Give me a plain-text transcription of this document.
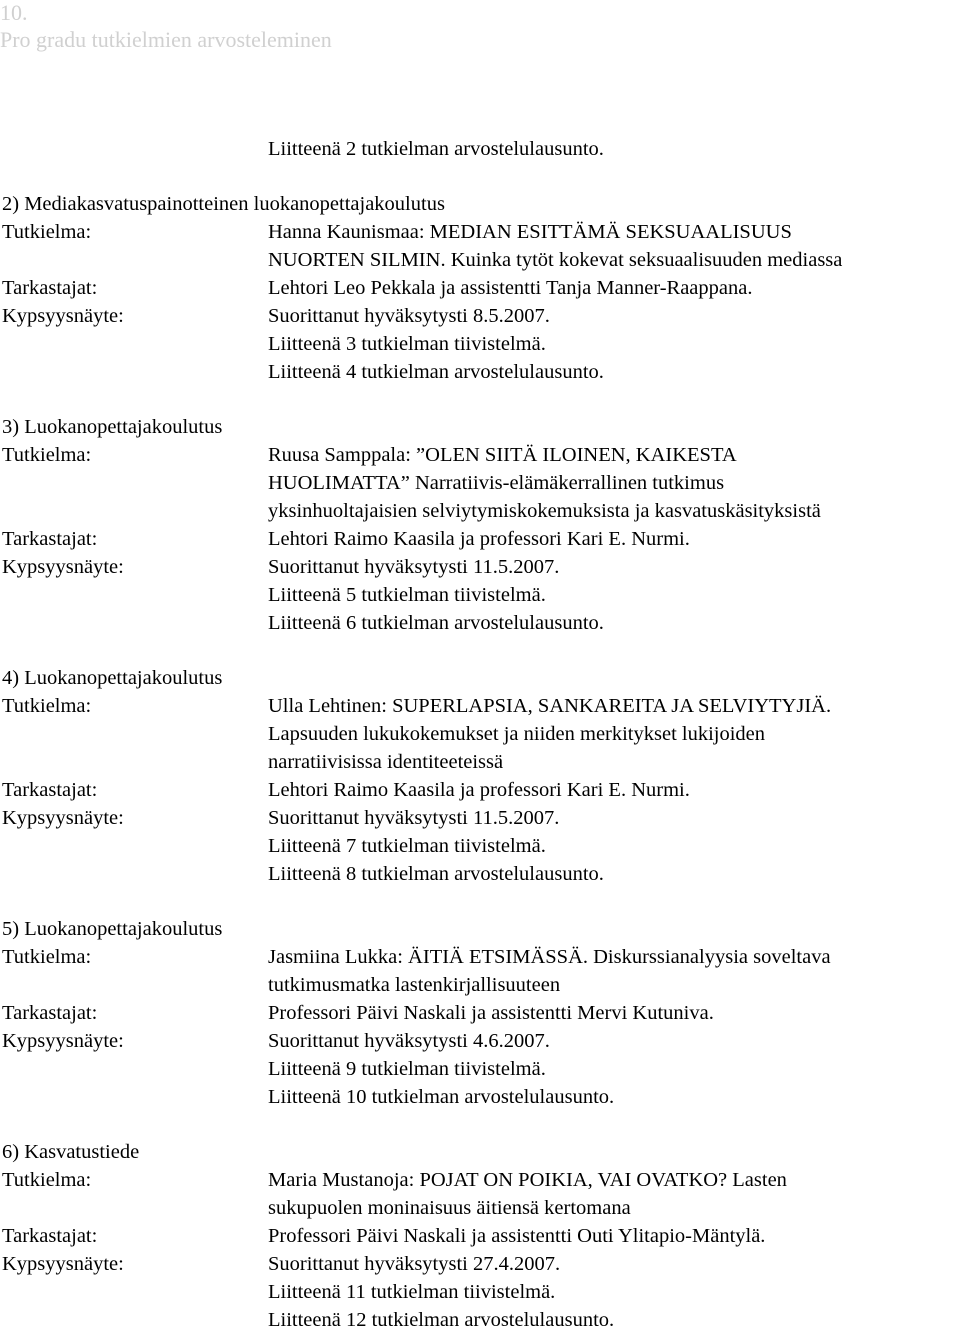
10.
Pro gradu tutkielmien arvosteleminen
Liitteenä 2 tutkielman arvostelulausunto.
2) Mediakasvatuspainotteinen luokanopettajakoulutus
Tutkielma:	Hanna Kaunismaa: MEDIAN ESITTÄMÄ SEKSUAALISUUS
NUORTEN SILMIN. Kuinka tytöt kokevat seksuaalisuuden mediassa
Tarkastajat:	Lehtori Leo Pekkala ja assistentti Tanja Manner-Raappana.
Kypsyysnäyte:	Suorittanut hyväksytysti 8.5.2007.
Liitteenä 3 tutkielman tiivistelmä.
Liitteenä 4 tutkielman arvostelulausunto.
3) Luokanopettajakoulutus
Tutkielma:	Ruusa Samppala: ”OLEN SIITÄ ILOINEN, KAIKESTA
HUOLIMATTA” Narratiivis-elämäkerrallinen tutkimus
yksinhuoltajaisien selviytymiskokemuksista ja kasvatuskäsityksistä
Tarkastajat:	Lehtori Raimo Kaasila ja professori Kari E. Nurmi.
Kypsyysnäyte:	Suorittanut hyväksytysti 11.5.2007.
Liitteenä 5 tutkielman tiivistelmä.
Liitteenä 6 tutkielman arvostelulausunto.
4) Luokanopettajakoulutus
Tutkielma:	Ulla Lehtinen: SUPERLAPSIA, SANKAREITA JA SELVIYTYJIÄ.
Lapsuuden lukukokemukset ja niiden merkitykset lukijoiden
narratiivisissa identiteeteissä
Tarkastajat:	Lehtori Raimo Kaasila ja professori Kari E. Nurmi.
Kypsyysnäyte:	Suorittanut hyväksytysti 11.5.2007.
Liitteenä 7 tutkielman tiivistelmä.
Liitteenä 8 tutkielman arvostelulausunto.
5) Luokanopettajakoulutus
Tutkielma:	Jasmiina Lukka: ÄITIÄ ETSIMÄSSÄ. Diskurssianalyysia soveltava
tutkimusmatka lastenkirjallisuuteen
Tarkastajat:	Professori Päivi Naskali ja assistentti Mervi Kutuniva.
Kypsyysnäyte:	Suorittanut hyväksytysti 4.6.2007.
Liitteenä 9 tutkielman tiivistelmä.
Liitteenä 10 tutkielman arvostelulausunto.
6) Kasvatustiede
Tutkielma:	Maria Mustanoja: POJAT ON POIKIA, VAI OVATKO? Lasten
sukupuolen moninaisuus äitiensä kertomana
Tarkastajat:	Professori Päivi Naskali ja assistentti Outi Ylitapio-Mäntylä.
Kypsyysnäyte:	Suorittanut hyväksytysti 27.4.2007.
Liitteenä 11 tutkielman tiivistelmä.
Liitteenä 12 tutkielman arvostelulausunto.
